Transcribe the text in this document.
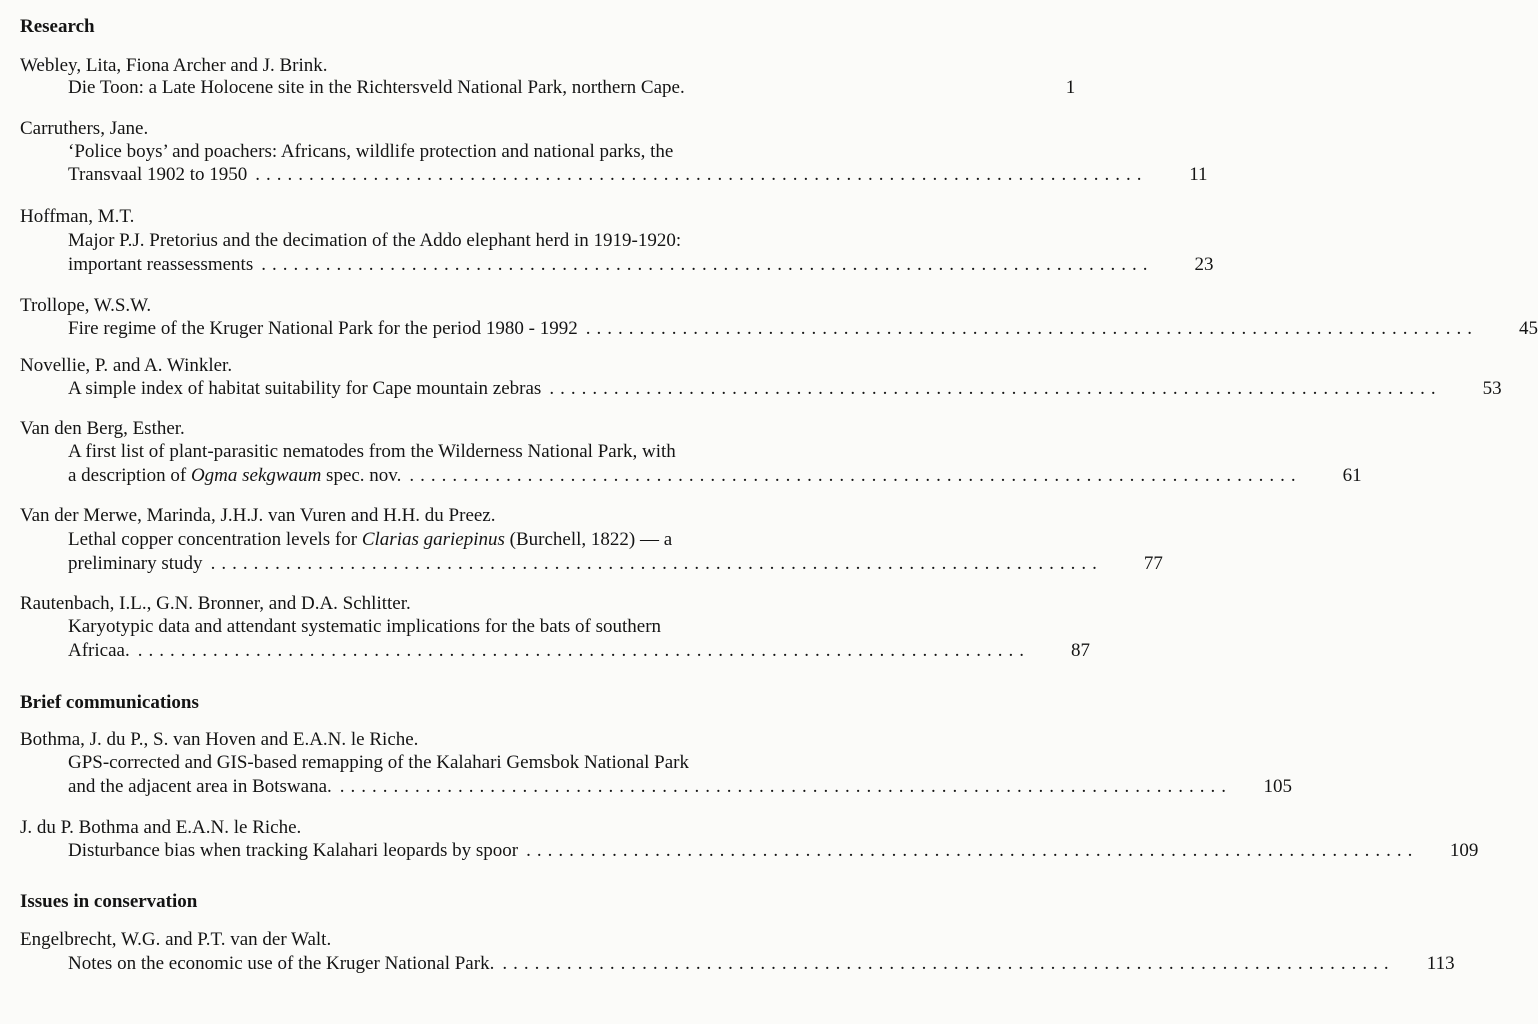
Research
Webley, Lita, Fiona Archer and J. Brink.
Die Toon: a Late Holocene site in the Richtersveld National Park, northern Cape.	1
Carruthers, Jane.
‘Police boys’ and poachers: Africans, wildlife protection and national parks, the
Transvaal 1902 to 1950 ...................................................................................	11
Hoffman, M.T.
Major P.J. Pretorius and the decimation of the Addo elephant herd in 1919-1920:
important reassessments ...................................................................................	23
Trollope, W.S.W.
Fire regime of the Kruger National Park for the period 1980 - 1992 ...................................................................................	45
Novellie, P. and A. Winkler.
A simple index of habitat suitability for Cape mountain zebras ...................................................................................	53
Van den Berg, Esther.
A first list of plant-parasitic nematodes from the Wilderness National Park, with
a description of Ogma sekgwaum spec. nov. ...................................................................................	61
Van der Merwe, Marinda, J.H.J. van Vuren and H.H. du Preez.
Lethal copper concentration levels for Clarias gariepinus (Burchell, 1822) — a
preliminary study ...................................................................................	77
Rautenbach, I.L., G.N. Bronner, and D.A. Schlitter.
Karyotypic data and attendant systematic implications for the bats of southern
Africaa. ...................................................................................	87
Brief communications
Bothma, J. du P., S. van Hoven and E.A.N. le Riche.
GPS-corrected and GIS-based remapping of the Kalahari Gemsbok National Park
and the adjacent area in Botswana. ...................................................................................	105
J. du P. Bothma and E.A.N. le Riche.
Disturbance bias when tracking Kalahari leopards by spoor ...................................................................................	109
Issues in conservation
Engelbrecht, W.G. and P.T. van der Walt.
Notes on the economic use of the Kruger National Park. ...................................................................................	113
